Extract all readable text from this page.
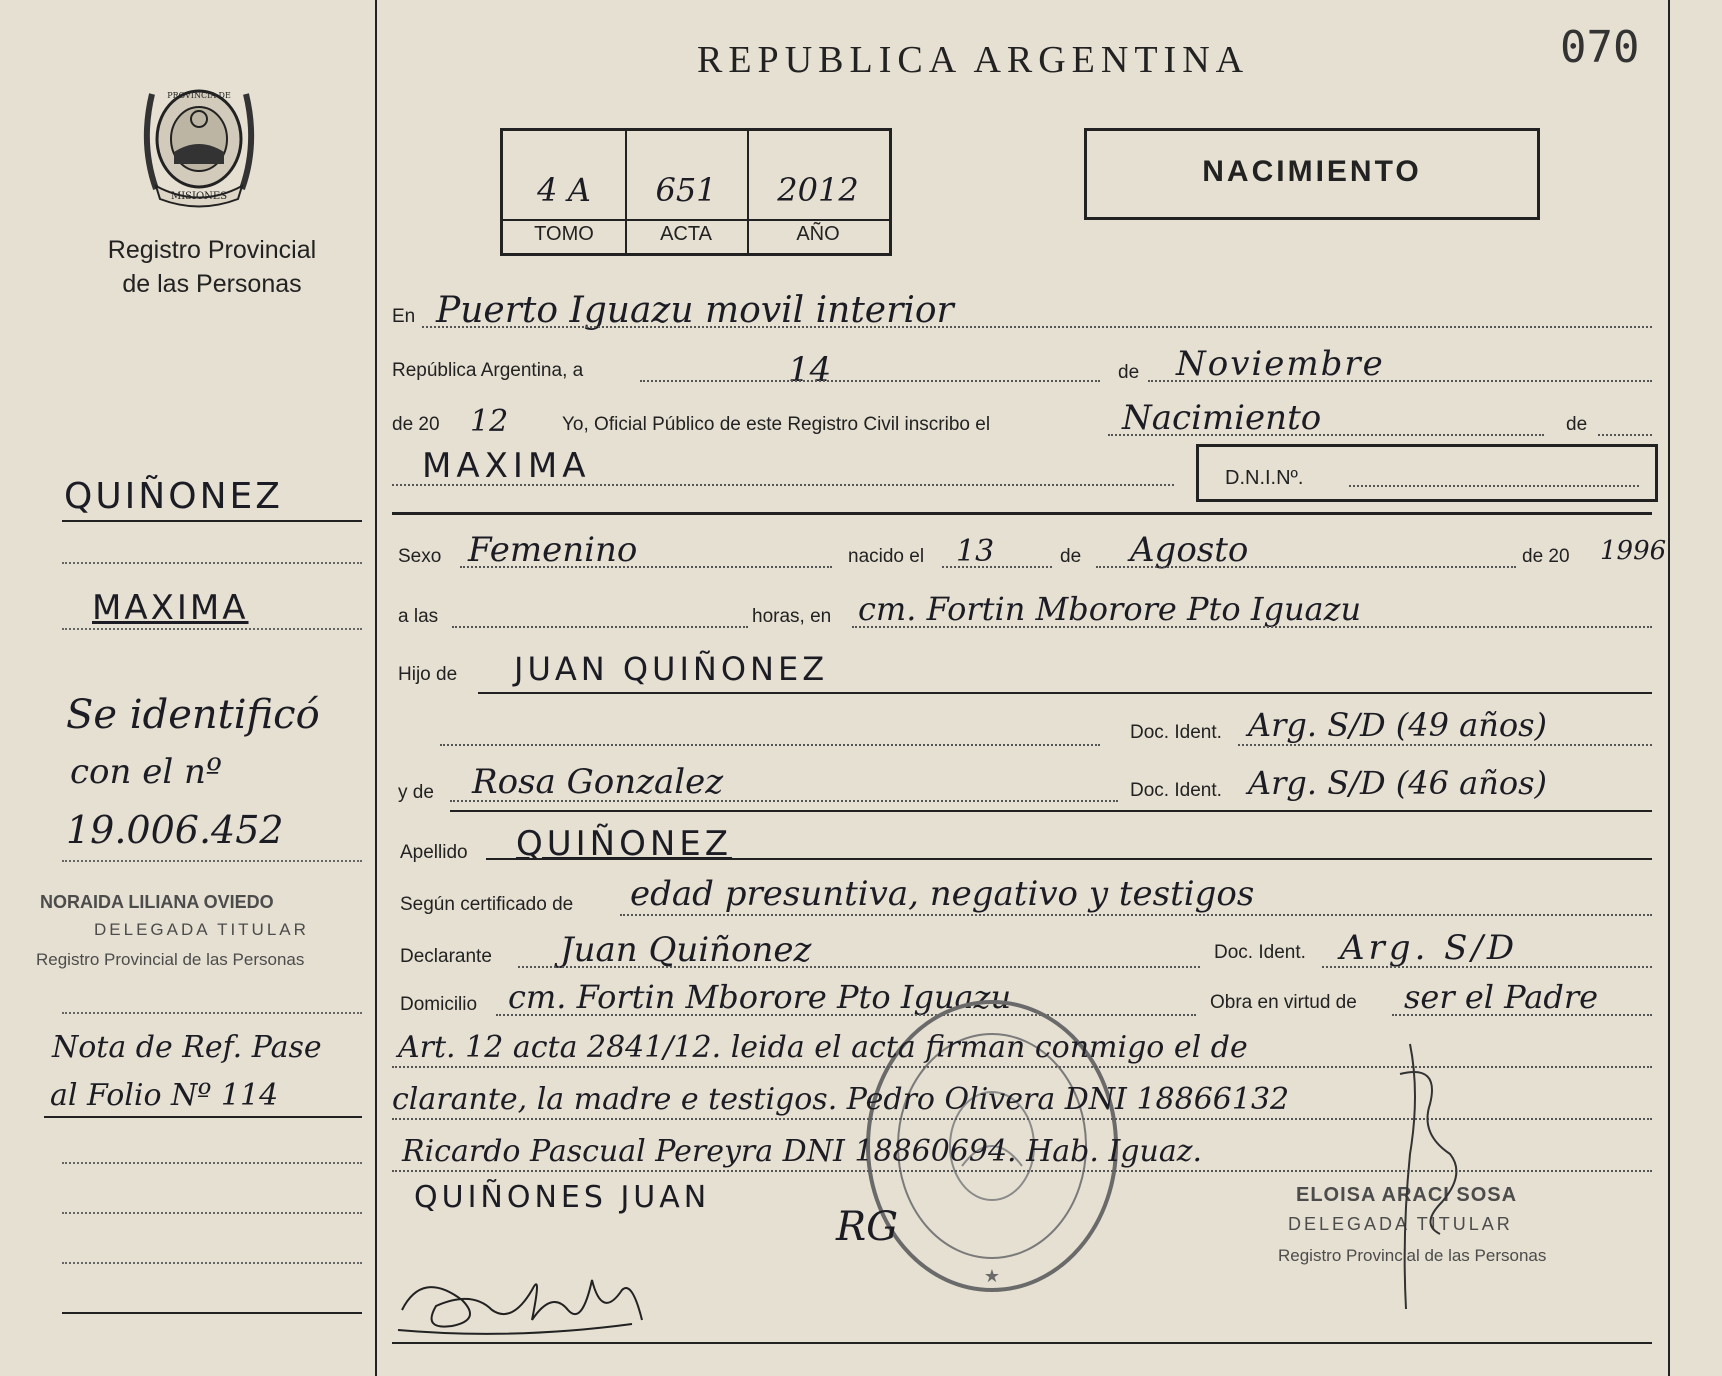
MISIONES
PROVINCIA DE
Registro Provincial
de las Personas
QUIÑONEZ
MAXIMA
Se identificó
con el nº
19.006.452
NORAIDA LILIANA OVIEDO
DELEGADA TITULAR
Registro Provincial de las Personas
Nota de Ref. Pase
al Folio Nº 114
REPUBLICA ARGENTINA	070
4 A	651	2012
TOMO	ACTA	AÑO
NACIMIENTO
En Puerto Iguazu movil interior
República Argentina, a	14	de Noviembre
de 20 12	Yo, Oficial Público de este Registro Civil inscribo el	Nacimiento	de
MAXIMA	D.N.I.Nº.
Sexo Femenino	nacido el 13	de Agosto	de 20 1996
a las	horas, en cm. Fortin Mborore Pto Iguazu
Hijo de JUAN QUIÑONEZ
Doc. Ident. Arg. S/D (49 años)
y de Rosa Gonzalez	Doc. Ident. Arg. S/D (46 años)
Apellido QUIÑONEZ
Según certificado de edad presuntiva, negativo y testigos
Declarante Juan Quiñonez	Doc. Ident. Arg. S/D
Domicilio cm. Fortin Mborore Pto Iguazu	Obra en virtud de ser el Padre
★
Art. 12 acta 2841/12. leida el acta firman conmigo el de
clarante, la madre e testigos. Pedro Olivera DNI 18866132
Ricardo Pascual Pereyra DNI 18860694. Hab. Iguaz.
QUIÑONES JUAN
RG
ELOISA ARACI SOSA
DELEGADA TITULAR
Registro Provincial de las Personas
